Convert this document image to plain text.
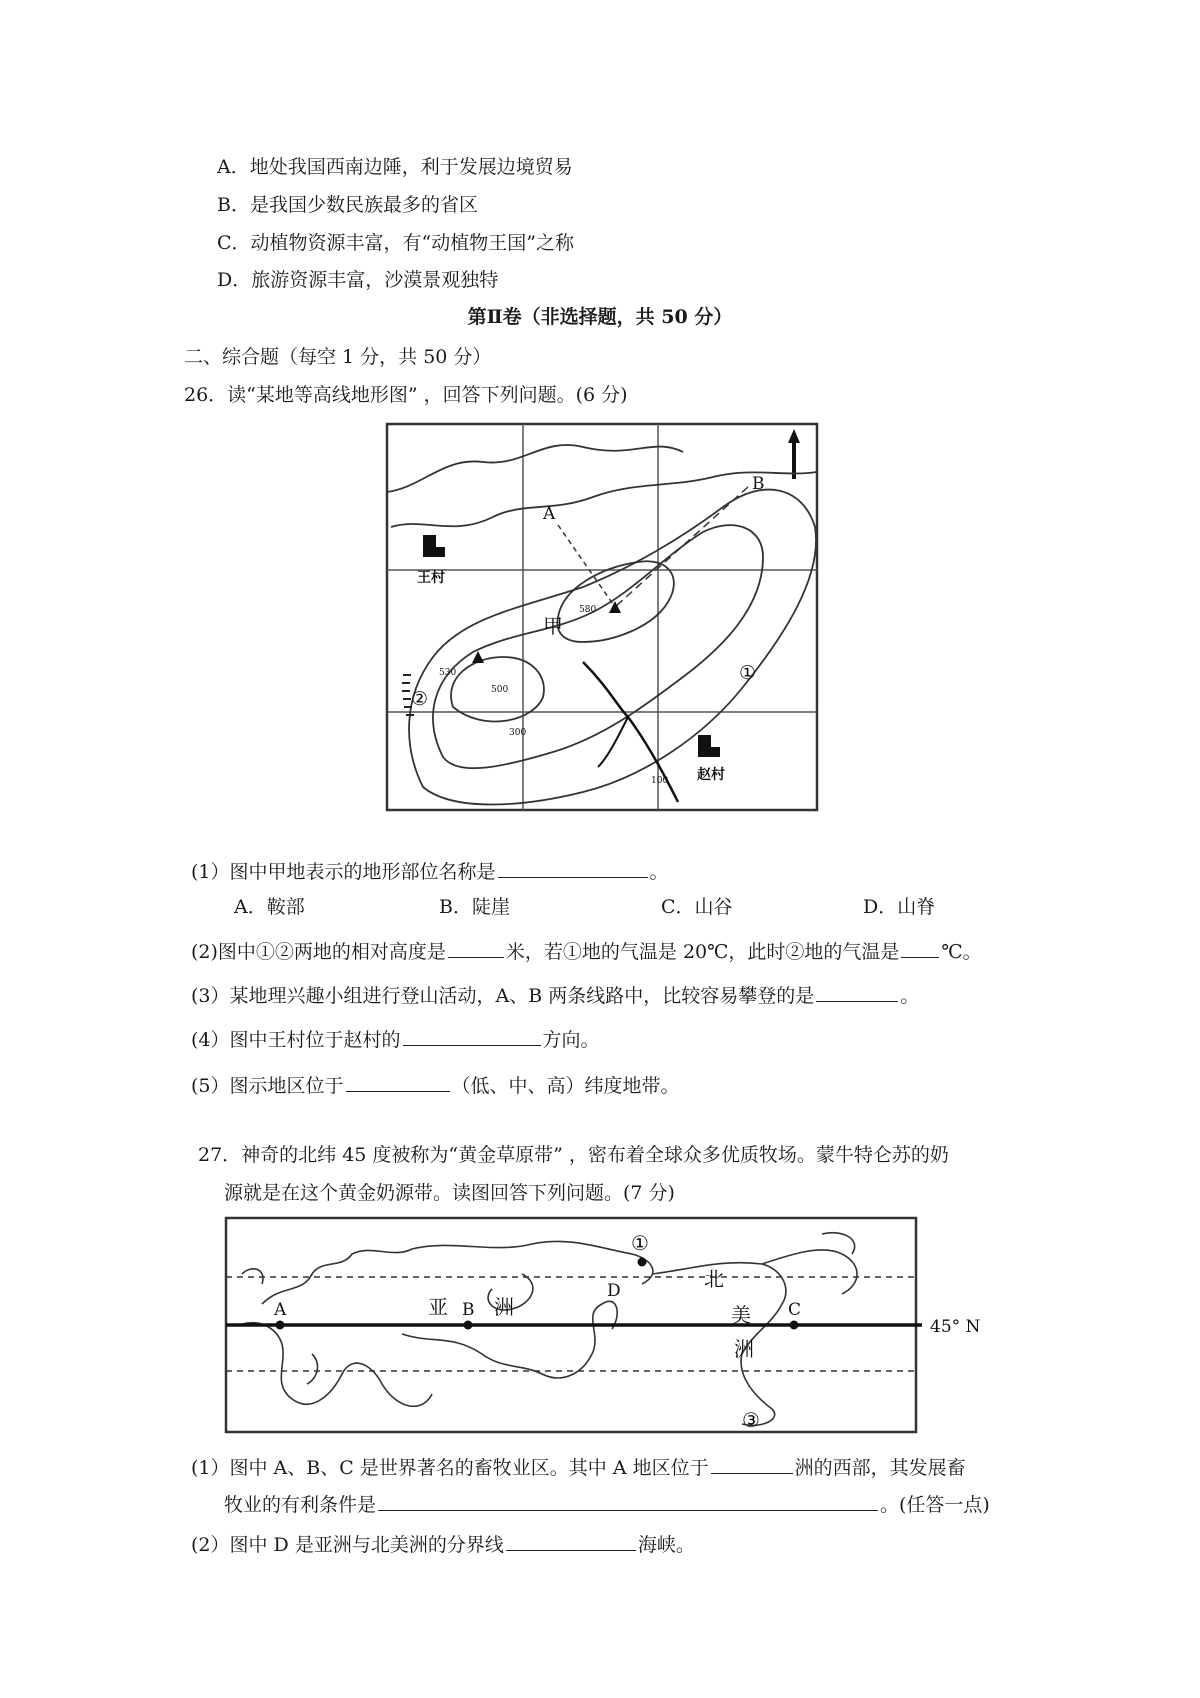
A．地处我国西南边陲，利于发展边境贸易
B．是我国少数民族最多的省区
C．动植物资源丰富，有“动植物王国”之称
D．旅游资源丰富，沙漠景观独特
第Ⅱ卷（非选择题，共 50 分）
二、综合题（每空 1 分，共 50 分）
26．读“某地等高线地形图” ，回答下列问题。(6 分)
A
B
甲
①
②
王村
赵村
580
530
500
300
100
(1）图中甲地表示的地形部位名称是	。
A．鞍部	B．陡崖	C．山谷	D．山脊
(2)图中①②两地的相对高度是	米，若①地的气温是 20℃，此时②地的气温是 ℃。
(3）某地理兴趣小组进行登山活动，A、B 两条线路中，比较容易攀登的是	。
(4）图中王村位于赵村的	方向。
(5）图示地区位于	（低、中、高）纬度地带。
27．神奇的北纬 45 度被称为“黄金草原带” ，密布着全球众多优质牧场。蒙牛特仑苏的奶
源就是在这个黄金奶源带。读图回答下列问题。(7 分)
A	B	C
D
①
③
亚 洲
北
美
洲
45° N
(1）图中 A、B、C 是世界著名的畜牧业区。其中 A 地区位于	洲的西部，其发展畜
牧业的有利条件是	。(任答一点)
(2）图中 D 是亚洲与北美洲的分界线	海峡。
